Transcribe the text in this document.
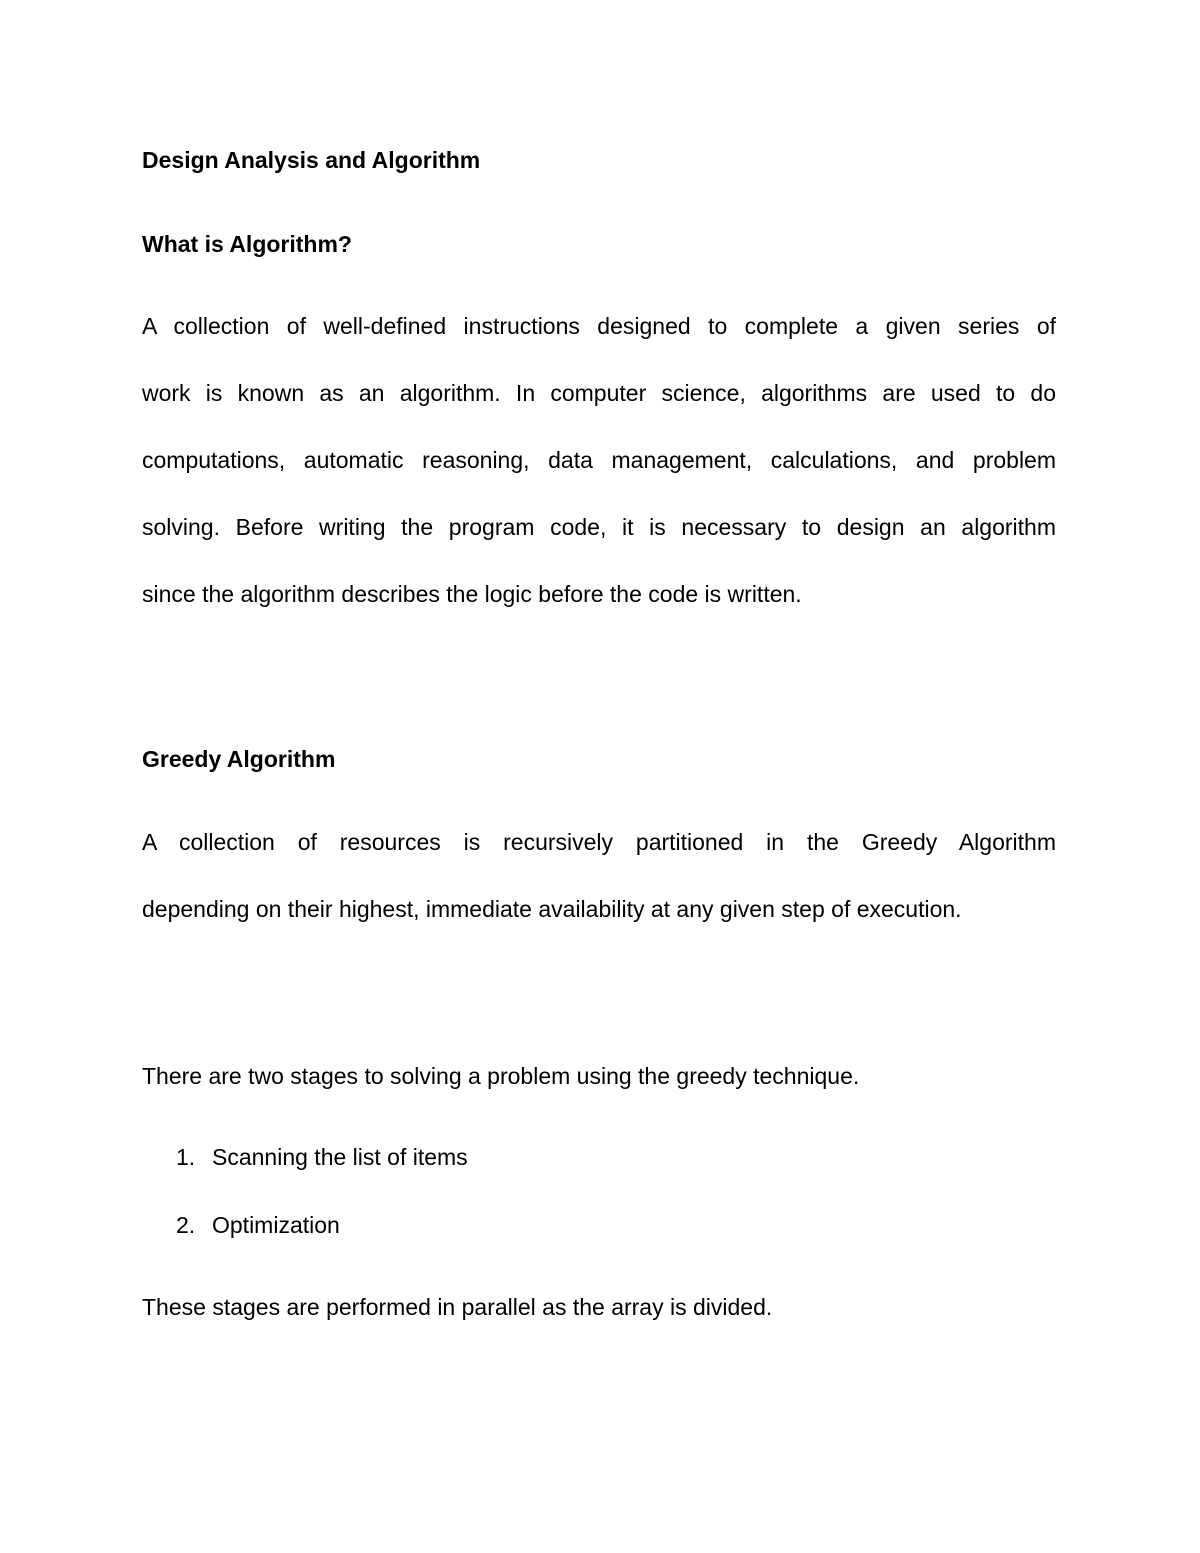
Design Analysis and Algorithm
What is Algorithm?
A collection of well-defined instructions designed to complete a given series of
work is known as an algorithm. In computer science, algorithms are used to do
computations, automatic reasoning, data management, calculations, and problem
solving. Before writing the program code, it is necessary to design an algorithm
since the algorithm describes the logic before the code is written.
Greedy Algorithm
A collection of resources is recursively partitioned in the Greedy Algorithm
depending on their highest, immediate availability at any given step of execution.
There are two stages to solving a problem using the greedy technique.
1. Scanning the list of items
2. Optimization
These stages are performed in parallel as the array is divided.
